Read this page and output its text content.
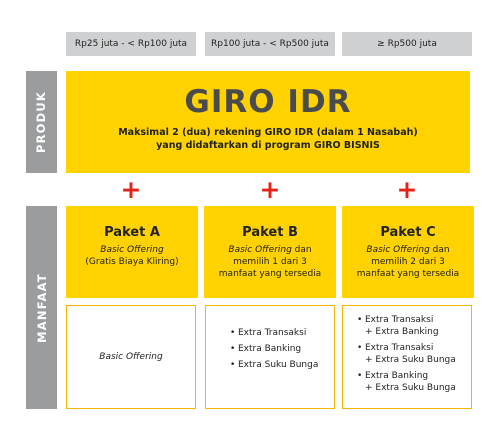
Rp25 juta - < Rp100 juta	Rp100 juta - < Rp500 juta	≥ Rp500 juta
PRODUK
MANFAAT
GIRO IDR
Maksimal 2 (dua) rekening GIRO IDR (dalam 1 Nasabah)
yang didaftarkan di program GIRO BISNIS
+	+	+
Paket A
Basic Offering
(Gratis Biaya Kliring)
Paket B
Basic Offering dan
memilih 1 dari 3
manfaat yang tersedia
Paket C
Basic Offering dan
memilih 2 dari 3
manfaat yang tersedia
Basic Offering
• Extra Transaksi
• Extra Banking
• Extra Suku Bunga
• Extra Transaksi
+ Extra Banking
• Extra Transaksi
+ Extra Suku Bunga
• Extra Banking
+ Extra Suku Bunga
